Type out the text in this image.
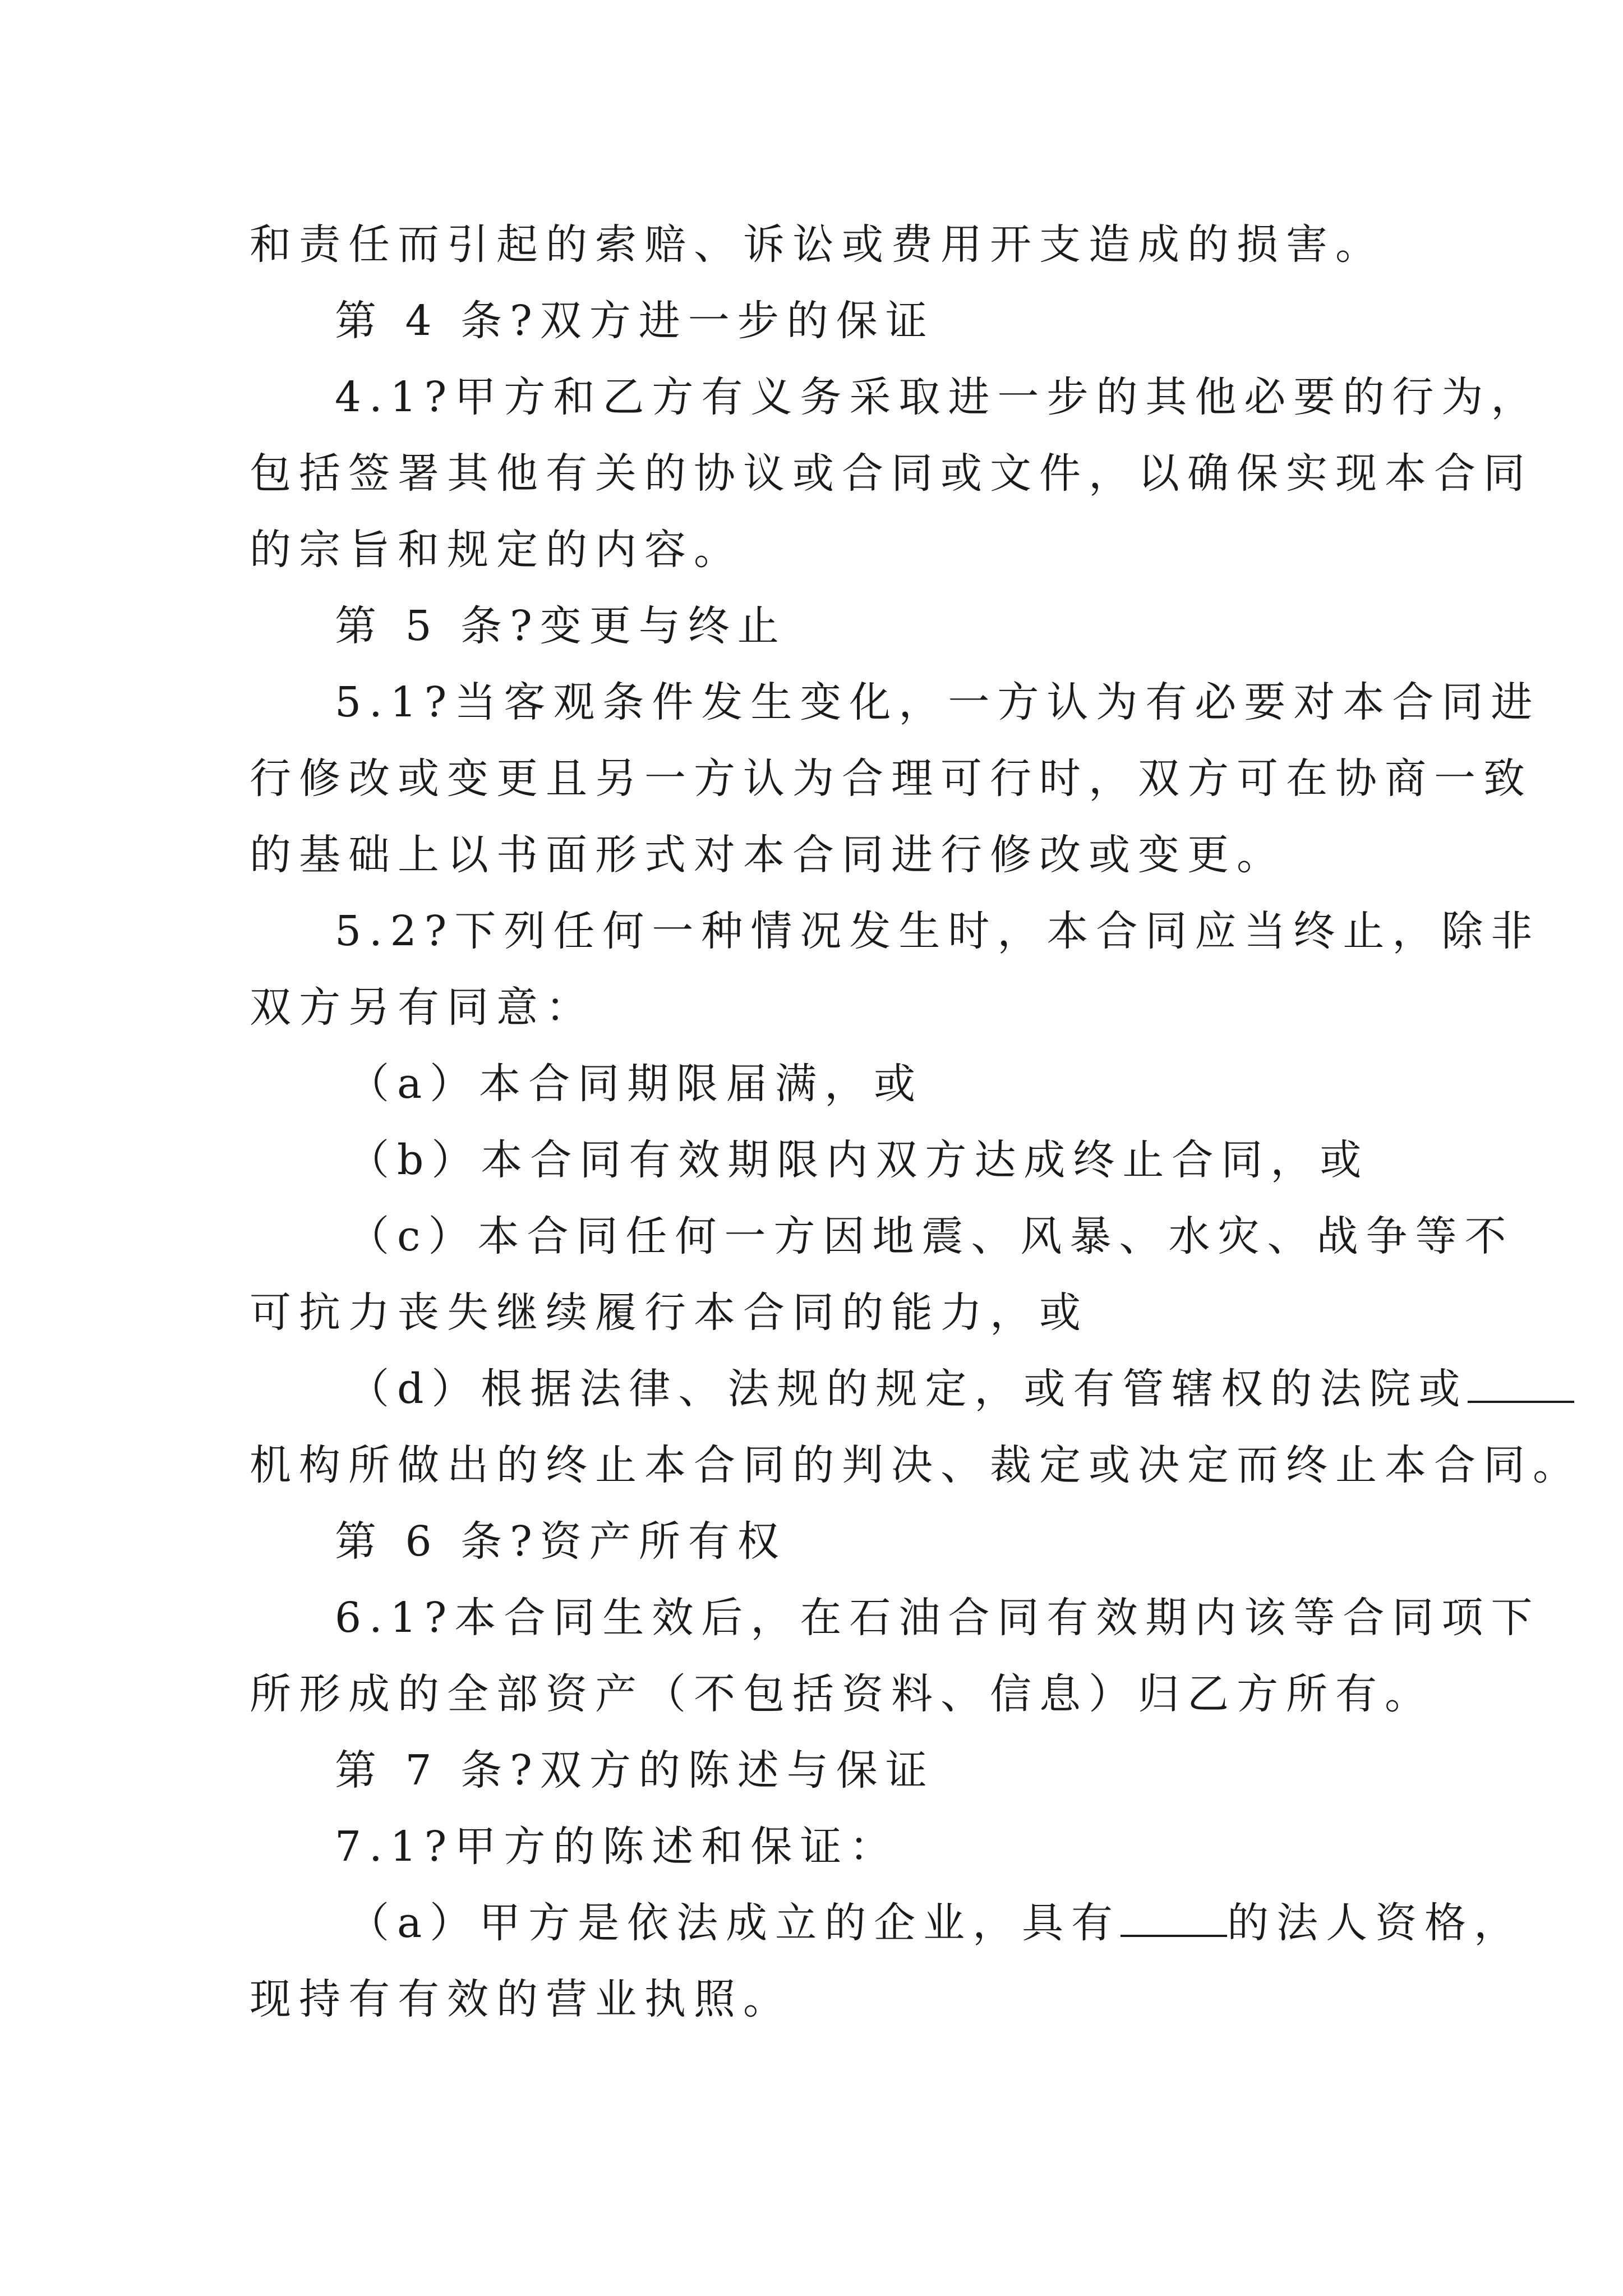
和责任而引起的索赔、诉讼或费用开支造成的损害。
第 4 条?双方进一步的保证
4.1?甲方和乙方有义务采取进一步的其他必要的行为，
包括签署其他有关的协议或合同或文件，以确保实现本合同
的宗旨和规定的内容。
第 5 条?变更与终止
5.1?当客观条件发生变化，一方认为有必要对本合同进
行修改或变更且另一方认为合理可行时，双方可在协商一致
的基础上以书面形式对本合同进行修改或变更。
5.2?下列任何一种情况发生时，本合同应当终止，除非
双方另有同意：
（a）本合同期限届满，或
（b）本合同有效期限内双方达成终止合同，或
（c）本合同任何一方因地震、风暴、水灾、战争等不
可抗力丧失继续履行本合同的能力，或
（d）根据法律、法规的规定，或有管辖权的法院或
机构所做出的终止本合同的判决、裁定或决定而终止本合同。
第 6 条?资产所有权
6.1?本合同生效后，在石油合同有效期内该等合同项下
所形成的全部资产（不包括资料、信息）归乙方所有。
第 7 条?双方的陈述与保证
7.1?甲方的陈述和保证：
（a）甲方是依法成立的企业，具有	的法人资格，
现持有有效的营业执照。
